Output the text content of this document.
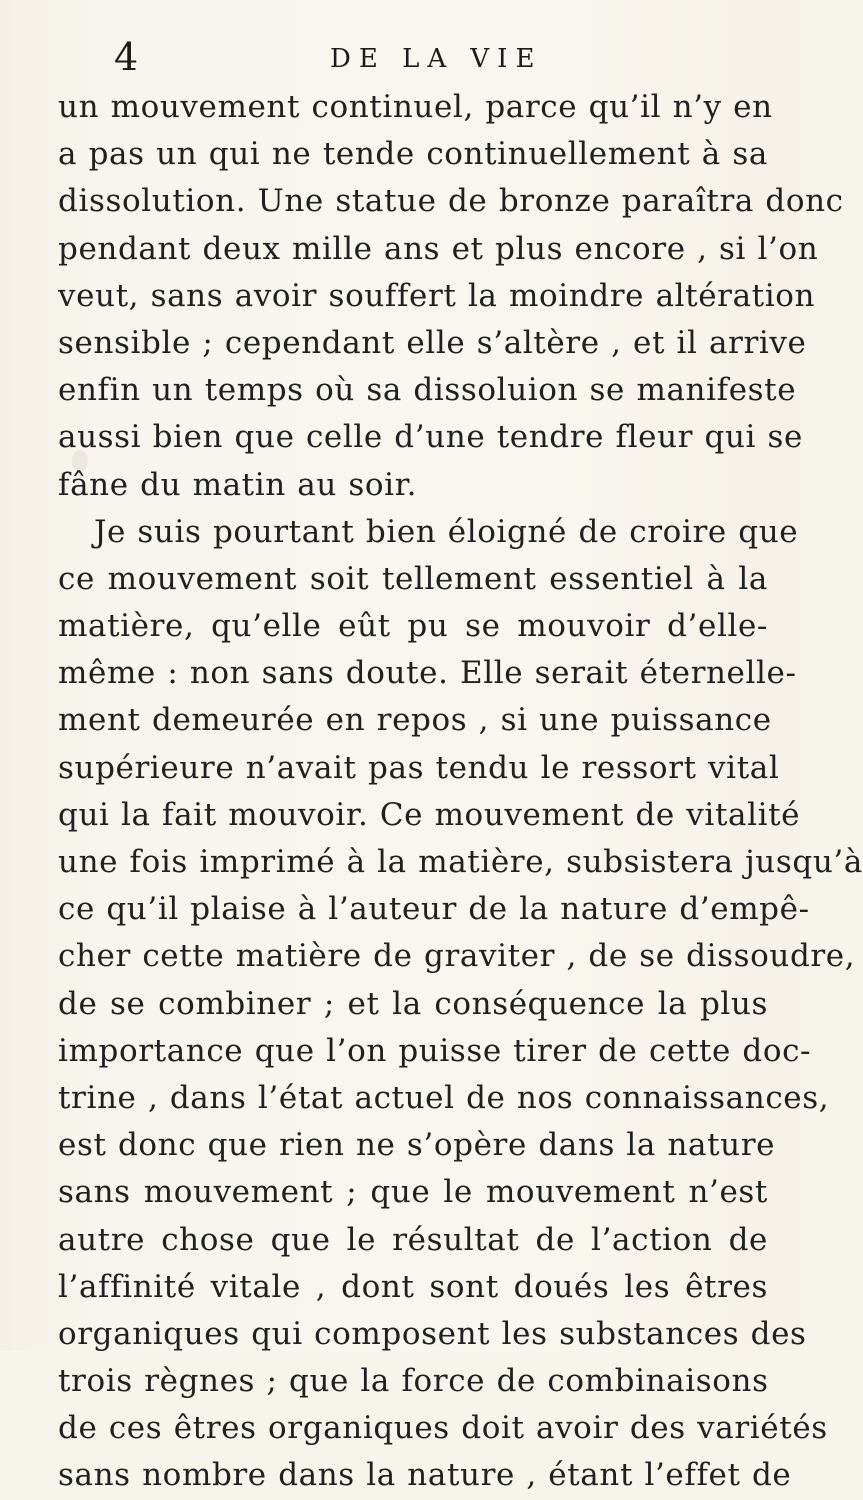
4	DE LA VIE
un mouvement continuel, parce qu’il n’y en
a pas un qui ne tende continuellement à sa
dissolution. Une statue de bronze paraîtra donc
pendant deux mille ans et plus encore , si l’on
veut, sans avoir souffert la moindre altération
sensible ; cependant elle s’altère , et il arrive
enfin un temps où sa dissoluion se manifeste
aussi bien que celle d’une tendre fleur qui se
fâne du matin au soir.
Je suis pourtant bien éloigné de croire que
ce mouvement soit tellement essentiel à la
matière, qu’elle eût pu se mouvoir d’elle-
même : non sans doute. Elle serait éternelle-
ment demeurée en repos , si une puissance
supérieure n’avait pas tendu le ressort vital
qui la fait mouvoir. Ce mouvement de vitalité
une fois imprimé à la matière, subsistera jusqu’à
ce qu’il plaise à l’auteur de la nature d’empê-
cher cette matière de graviter , de se dissoudre,
de se combiner ; et la conséquence la plus
importance que l’on puisse tirer de cette doc-
trine , dans l’état actuel de nos connaissances,
est donc que rien ne s’opère dans la nature
sans mouvement ; que le mouvement n’est
autre chose que le résultat de l’action de
l’affinité vitale , dont sont doués les êtres
organiques qui composent les substances des
trois règnes ; que la force de combinaisons
de ces êtres organiques doit avoir des variétés
sans nombre dans la nature , étant l’effet de
